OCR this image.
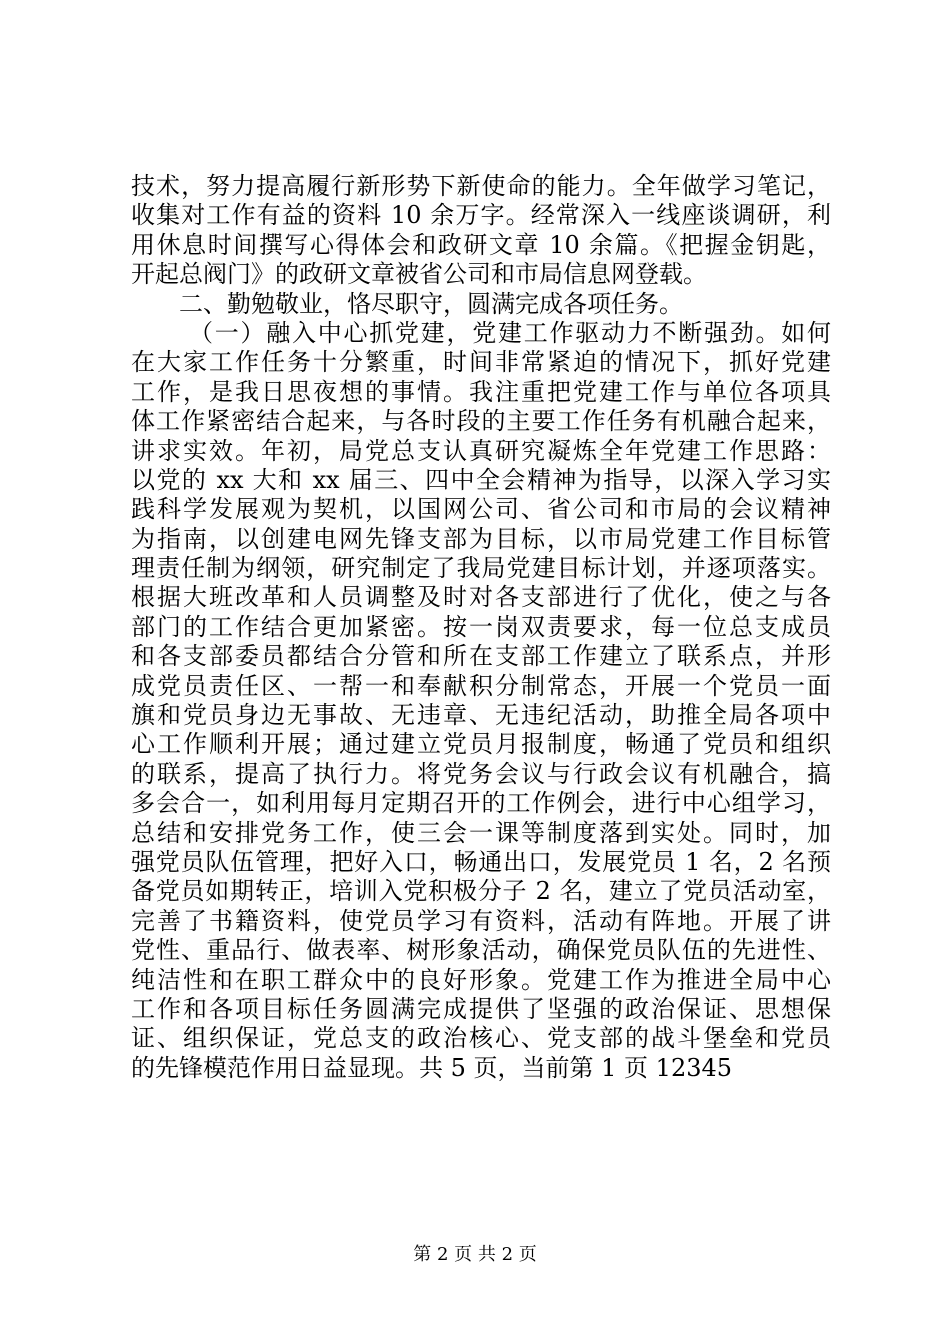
技术，努力提高履行新形势下新使命的能力。全年做学习笔记，
收集对工作有益的资料 10 余万字。经常深入一线座谈调研，利
用休息时间撰写心得体会和政研文章 10 余篇。《把握金钥匙，
开起总阀门》的政研文章被省公司和市局信息网登载。
二、勤勉敬业，恪尽职守，圆满完成各项任务。
（一）融入中心抓党建，党建工作驱动力不断强劲。如何
在大家工作任务十分繁重，时间非常紧迫的情况下，抓好党建
工作，是我日思夜想的事情。我注重把党建工作与单位各项具
体工作紧密结合起来，与各时段的主要工作任务有机融合起来，
讲求实效。年初，局党总支认真研究凝炼全年党建工作思路：
以党的 xx 大和 xx 届三、四中全会精神为指导，以深入学习实
践科学发展观为契机，以国网公司、省公司和市局的会议精神
为指南，以创建电网先锋支部为目标，以市局党建工作目标管
理责任制为纲领，研究制定了我局党建目标计划，并逐项落实。
根据大班改革和人员调整及时对各支部进行了优化，使之与各
部门的工作结合更加紧密。按一岗双责要求，每一位总支成员
和各支部委员都结合分管和所在支部工作建立了联系点，并形
成党员责任区、一帮一和奉献积分制常态，开展一个党员一面
旗和党员身边无事故、无违章、无违纪活动，助推全局各项中
心工作顺利开展；通过建立党员月报制度，畅通了党员和组织
的联系，提高了执行力。将党务会议与行政会议有机融合，搞
多会合一，如利用每月定期召开的工作例会，进行中心组学习，
总结和安排党务工作，使三会一课等制度落到实处。同时，加
强党员队伍管理，把好入口，畅通出口，发展党员 1 名，2 名预
备党员如期转正，培训入党积极分子 2 名，建立了党员活动室，
完善了书籍资料，使党员学习有资料，活动有阵地。开展了讲
党性、重品行、做表率、树形象活动，确保党员队伍的先进性、
纯洁性和在职工群众中的良好形象。党建工作为推进全局中心
工作和各项目标任务圆满完成提供了坚强的政治保证、思想保
证、组织保证，党总支的政治核心、党支部的战斗堡垒和党员
的先锋模范作用日益显现。共 5 页，当前第 1 页 12345
第 2 页 共 2 页
